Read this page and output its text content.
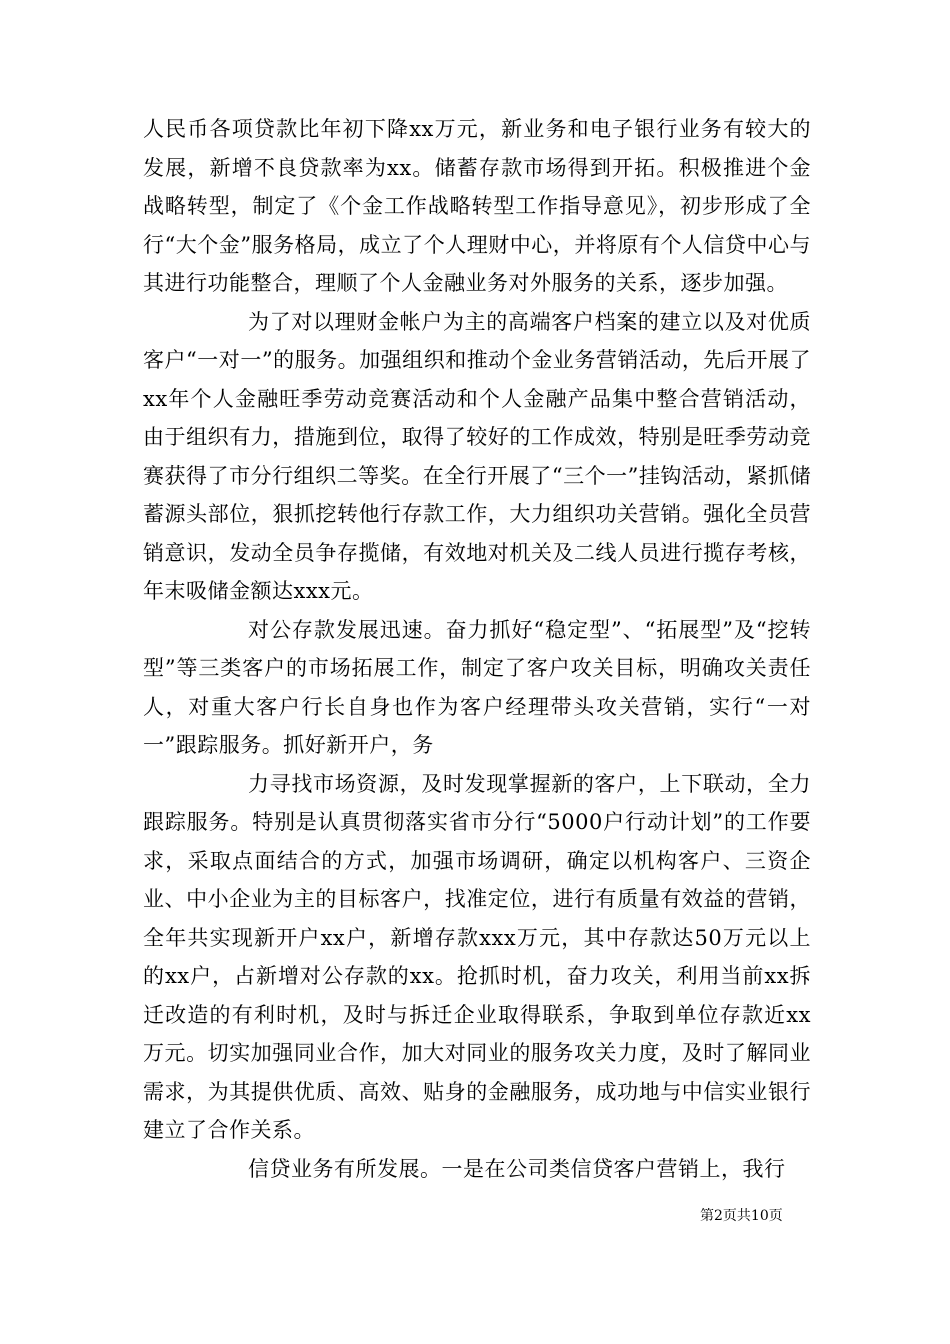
人民币各项贷款比年初下降xx万元，新业务和电子银行业务有较大的发展，新增不良贷款率为xx。储蓄存款市场得到开拓。积极推进个金战略转型，制定了《个金工作战略转型工作指导意见》，初步形成了全行“大个金”服务格局，成立了个人理财中心，并将原有个人信贷中心与其进行功能整合，理顺了个人金融业务对外服务的关系，逐步加强。

为了对以理财金帐户为主的高端客户档案的建立以及对优质客户“一对一”的服务。加强组织和推动个金业务营销活动，先后开展了xx年个人金融旺季劳动竞赛活动和个人金融产品集中整合营销活动，由于组织有力，措施到位，取得了较好的工作成效，特别是旺季劳动竞赛获得了市分行组织二等奖。在全行开展了“三个一”挂钩活动，紧抓储蓄源头部位，狠抓挖转他行存款工作，大力组织功关营销。强化全员营销意识，发动全员争存揽储，有效地对机关及二线人员进行揽存考核，年末吸储金额达xxx元。

对公存款发展迅速。奋力抓好“稳定型”、“拓展型”及“挖转型”等三类客户的市场拓展工作，制定了客户攻关目标，明确攻关责任人，对重大客户行长自身也作为客户经理带头攻关营销，实行“一对一”跟踪服务。抓好新开户，务

力寻找市场资源，及时发现掌握新的客户，上下联动，全力跟踪服务。特别是认真贯彻落实省市分行“5000户行动计划”的工作要求，采取点面结合的方式，加强市场调研，确定以机构客户、三资企业、中小企业为主的目标客户，找准定位，进行有质量有效益的营销，全年共实现新开户xx户，新增存款xxx万元，其中存款达50万元以上的xx户，占新增对公存款的xx。抢抓时机，奋力攻关，利用当前xx拆迁改造的有利时机，及时与拆迁企业取得联系，争取到单位存款近xx万元。切实加强同业合作，加大对同业的服务攻关力度，及时了解同业需求，为其提供优质、高效、贴身的金融服务，成功地与中信实业银行建立了合作关系。

信贷业务有所发展。一是在公司类信贷客户营销上，我行

第2页共10页
